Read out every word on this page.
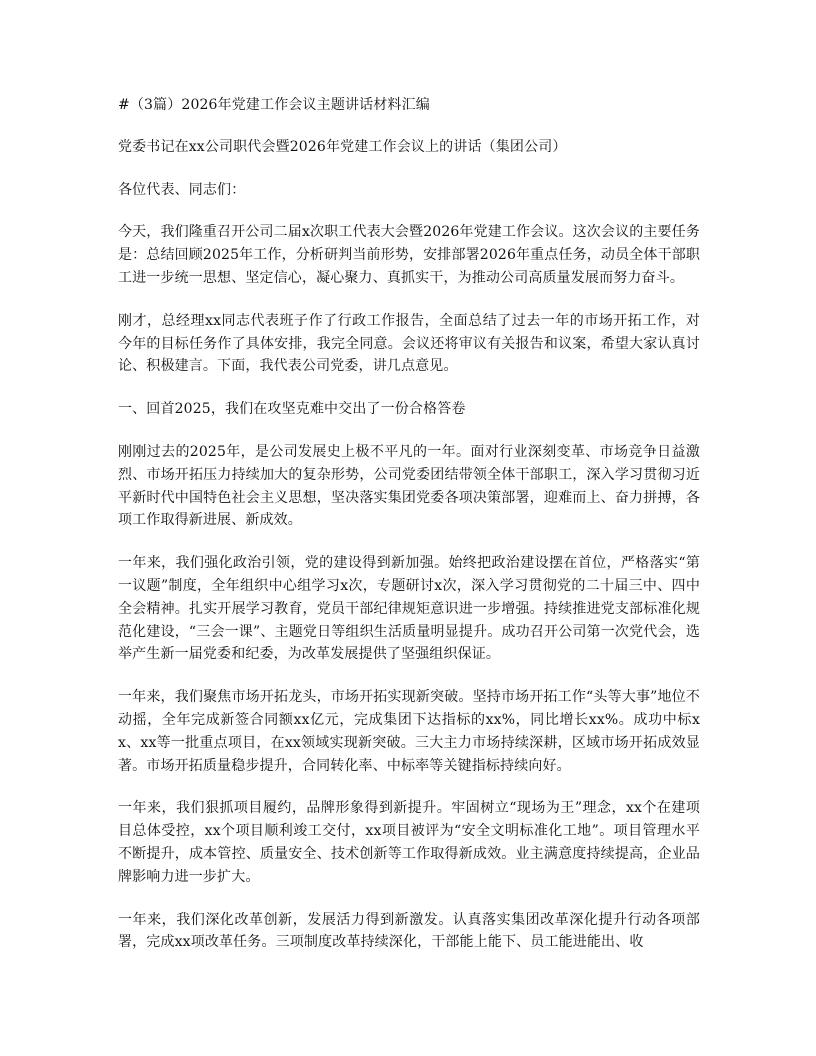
#（3篇）2026年党建工作会议主题讲话材料汇编

党委书记在xx公司职代会暨2026年党建工作会议上的讲话（集团公司）

各位代表、同志们：

今天，我们隆重召开公司二届x次职工代表大会暨2026年党建工作会议。这次会议的主要任务是：总结回顾2025年工作，分析研判当前形势，安排部署2026年重点任务，动员全体干部职工进一步统一思想、坚定信心，凝心聚力、真抓实干，为推动公司高质量发展而努力奋斗。

刚才，总经理xx同志代表班子作了行政工作报告，全面总结了过去一年的市场开拓工作，对今年的目标任务作了具体安排，我完全同意。会议还将审议有关报告和议案，希望大家认真讨论、积极建言。下面，我代表公司党委，讲几点意见。

一、回首2025，我们在攻坚克难中交出了一份合格答卷

刚刚过去的2025年，是公司发展史上极不平凡的一年。面对行业深刻变革、市场竞争日益激烈、市场开拓压力持续加大的复杂形势，公司党委团结带领全体干部职工，深入学习贯彻习近平新时代中国特色社会主义思想，坚决落实集团党委各项决策部署，迎难而上、奋力拼搏，各项工作取得新进展、新成效。

一年来，我们强化政治引领，党的建设得到新加强。始终把政治建设摆在首位，严格落实“第一议题”制度，全年组织中心组学习x次，专题研讨x次，深入学习贯彻党的二十届三中、四中全会精神。扎实开展学习教育，党员干部纪律规矩意识进一步增强。持续推进党支部标准化规范化建设，“三会一课”、主题党日等组织生活质量明显提升。成功召开公司第一次党代会，选举产生新一届党委和纪委，为改革发展提供了坚强组织保证。

一年来，我们聚焦市场开拓龙头，市场开拓实现新突破。坚持市场开拓工作“头等大事”地位不动摇，全年完成新签合同额xx亿元，完成集团下达指标的xx%，同比增长xx%。成功中标xx、xx等一批重点项目，在xx领域实现新突破。三大主力市场持续深耕，区域市场开拓成效显著。市场开拓质量稳步提升，合同转化率、中标率等关键指标持续向好。

一年来，我们狠抓项目履约，品牌形象得到新提升。牢固树立“现场为王”理念，xx个在建项目总体受控，xx个项目顺利竣工交付，xx项目被评为“安全文明标准化工地”。项目管理水平不断提升，成本管控、质量安全、技术创新等工作取得新成效。业主满意度持续提高，企业品牌影响力进一步扩大。

一年来，我们深化改革创新，发展活力得到新激发。认真落实集团改革深化提升行动各项部署，完成xx项改革任务。三项制度改革持续深化，干部能上能下、员工能进能出、收
